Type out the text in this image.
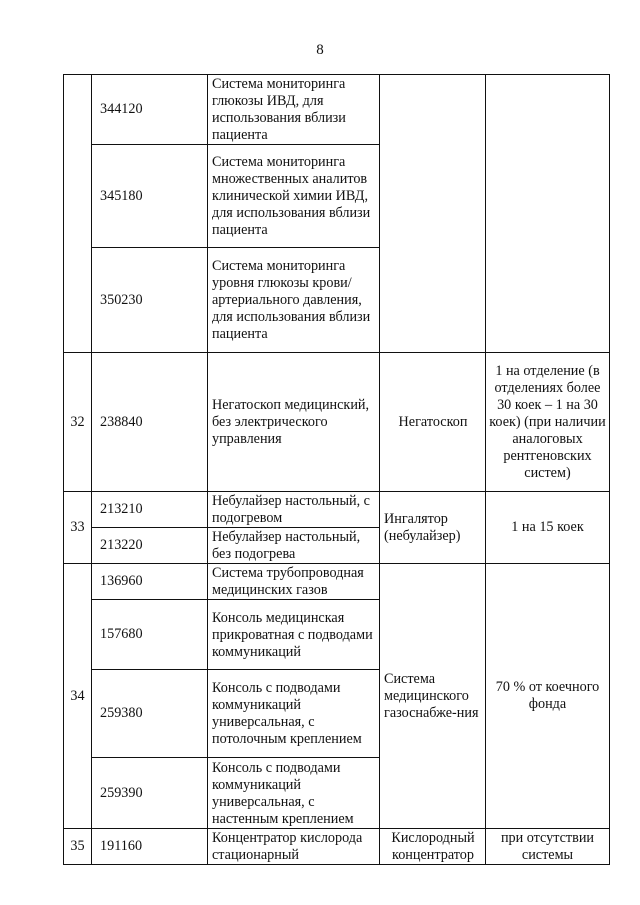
8
	344120	Система мониторинга глюкозы ИВД, для использования вблизи пациента		
	345180	Система мониторинга множественных аналитов клинической химии ИВД, для использования вблизи пациента		
	350230	Система мониторинга уровня глюкозы крови/артериального давления, для использования вблизи пациента		
32	238840	Негатоскоп медицинский, без электрического управления	Негатоскоп	1 на отделение (в отделениях более 30 коек – 1 на 30 коек) (при наличии аналоговых рентгеновских систем)
33	213210	Небулайзер настольный, с подогревом	Ингалятор (небулайзер)	1 на 15 коек
	213220	Небулайзер настольный, без подогрева		
34	136960	Система трубопроводная медицинских газов	Система медицинского газоснабже-ния	70 % от коечного фонда
	157680	Консоль медицинская прикроватная с подводами коммуникаций		
	259380	Консоль с подводами коммуникаций универсальная, с потолочным креплением		
	259390	Консоль с подводами коммуникаций универсальная, с настенным креплением		
35	191160	Концентратор кислорода стационарный	Кислородный концентратор	при отсутствии системы
